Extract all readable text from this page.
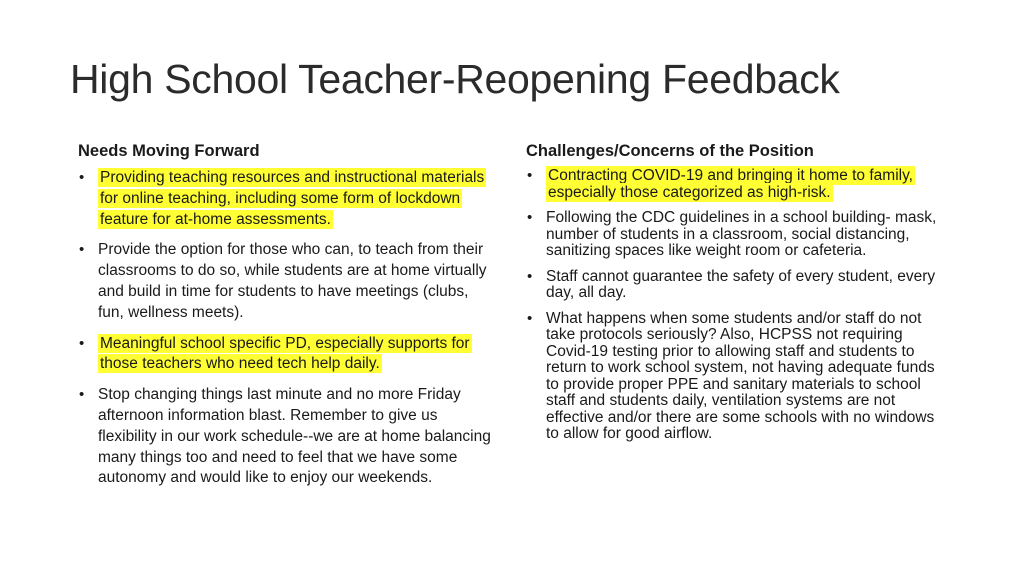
High School Teacher-Reopening Feedback
Needs Moving Forward
• Providing teaching resources and instructional materials for online teaching, including some form of lockdown feature for at-home assessments.
• Provide the option for those who can, to teach from their classrooms to do so, while students are at home virtually and build in time for students to have meetings (clubs, fun, wellness meets).
• Meaningful school specific PD, especially supports for those teachers who need tech help daily.
• Stop changing things last minute and no more Friday afternoon information blast. Remember to give us flexibility in our work schedule--we are at home balancing many things too and need to feel that we have some autonomy and would like to enjoy our weekends.
Challenges/Concerns of the Position
• Contracting COVID-19 and bringing it home to family, especially those categorized as high-risk.
• Following the CDC guidelines in a school building- mask, number of students in a classroom, social distancing, sanitizing spaces like weight room or cafeteria.
• Staff cannot guarantee the safety of every student, every day, all day.
• What happens when some students and/or staff do not take protocols seriously? Also, HCPSS not requiring Covid-19 testing prior to allowing staff and students to return to work school system, not having adequate funds to provide proper PPE and sanitary materials to school staff and students daily, ventilation systems are not effective and/or there are some schools with no windows to allow for good airflow.
